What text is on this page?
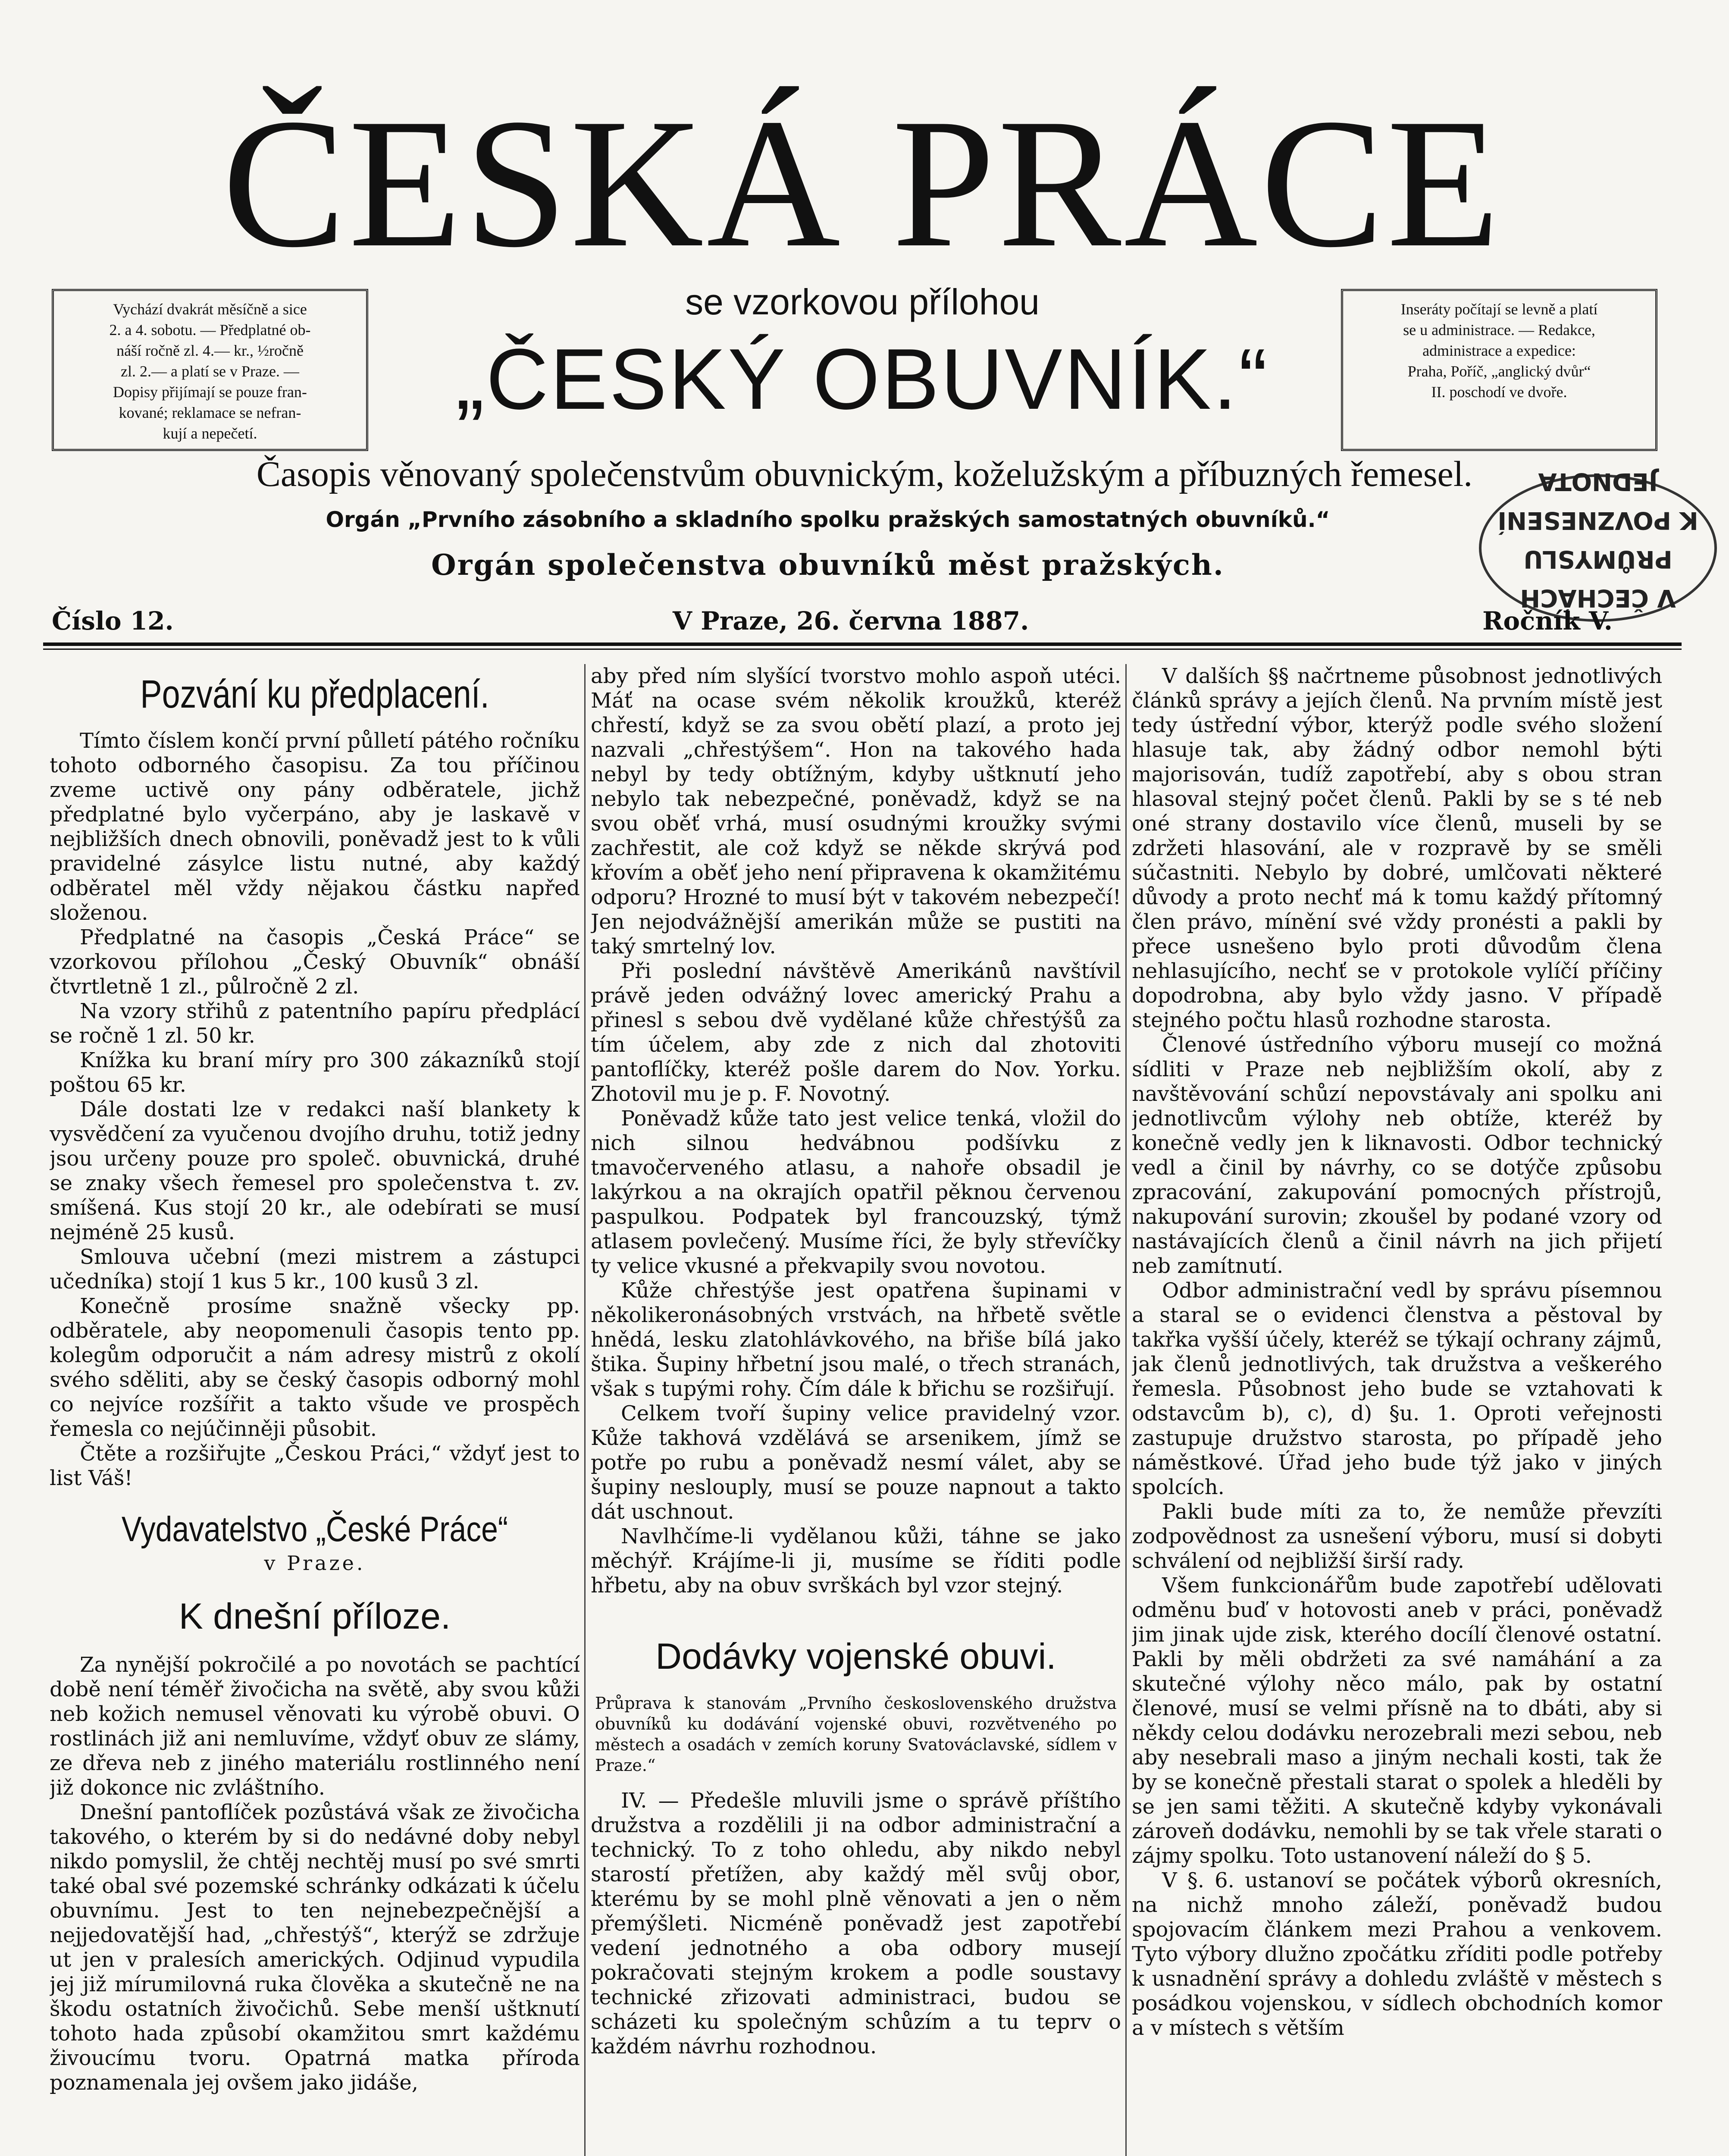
ČESKÁ PRÁCE

Vychází dvakrát měsíčně a sice

2. a 4. sobotu. — Předplatné ob-

náší ročně zl. 4.— kr., ½ročně

zl. 2.— a platí se v Praze. —

Dopisy přijímají se pouze fran-

kované; reklamace se nefran-

kují a nepečetí.

se vzorkovou přílohou
„ČESKÝ OBUVNÍK.“

Inseráty počítají se levně a platí

se u administrace. — Redakce,

administrace a expedice:

Praha, Poříč, „anglický dvůr“

II. poschodí ve dvoře.

Časopis věnovaný společenstvům obuvnickým, koželužským a příbuzných řemesel.
Orgán „Prvního zásobního a skladního spolku pražských samostatných obuvníků.“
Orgán společenstva obuvníků měst pražských.
V ČECHÁCH
PRŮMYSLU
K POVZNESENÍ
JEDNOTA
Číslo 12.	V Praze, 26. června 1887.	Ročník V.
Pozvání ku předplacení.

Tímto číslem končí první půlletí pátého ročníku tohoto odborného časopisu. Za tou příčinou zveme uctivě ony pány odběratele, jichž předplatné bylo vyčerpáno, aby je laskavě v nejbližších dnech obnovili, poněvadž jest to k vůli pravidelné zásylce listu nutné, aby každý odběratel měl vždy nějakou částku napřed složenou.

Předplatné na časopis „Česká Práce“ se vzorkovou přílohou „Český Obuvník“ obnáší čtvrtletně 1 zl., půlročně 2 zl.

Na vzory střihů z patentního papíru předplácí se ročně 1 zl. 50 kr.

Knížka ku braní míry pro 300 zákazníků stojí poštou 65 kr.

Dále dostati lze v redakci naší blankety k vysvědčení za vyučenou dvojího druhu, totiž jedny jsou určeny pouze pro společ. obuvnická, druhé se znaky všech řemesel pro společenstva t. zv. smíšená. Kus stojí 20 kr., ale odebírati se musí nejméně 25 kusů.

Smlouva učební (mezi mistrem a zástupci učedníka) stojí 1 kus 5 kr., 100 kusů 3 zl.

Konečně prosíme snažně všecky pp. odběratele, aby neopomenuli časopis tento pp. kolegům odporučit a nám adresy mistrů z okolí svého sděliti, aby se český časopis odborný mohl co nejvíce rozšířit a takto všude ve prospěch řemesla co nejúčinněji působit.

Čtěte a rozšiřujte „Českou Práci,“ vždyť jest to list Váš!

Vydavatelstvo „České Práce“
v Praze.
K dnešní příloze.

Za nynější pokročilé a po novotách se pachtící době není téměř živočicha na světě, aby svou kůži neb kožich nemusel věnovati ku výrobě obuvi. O rostlinách již ani nemluvíme, vždyť obuv ze slámy, ze dřeva neb z jiného materiálu rostlinného není již dokonce nic zvláštního.

Dnešní pantoflíček pozůstává však ze živočicha takového, o kterém by si do nedávné doby nebyl nikdo pomyslil, že chtěj nechtěj musí po své smrti také obal své pozemské schránky odkázati k účelu obuvnímu. Jest to ten nejnebezpečnější a nejjedovatější had, „chřestýš“, kterýž se zdržuje ut jen v pralesích amerických. Odjinud vypudila jej již mírumilovná ruka člověka a skutečně ne na škodu ostatních živočichů. Sebe menší uštknutí tohoto hada způsobí okamžitou smrt každému živoucímu tvoru. Opatrná matka příroda poznamenala jej ovšem jako jidáše,

aby před ním slyšící tvorstvo mohlo aspoň utéci. Máť na ocase svém několik kroužků, kteréž chřestí, když se za svou obětí plazí, a proto jej nazvali „chřestýšem“. Hon na takového hada nebyl by tedy obtížným, kdyby uštknutí jeho nebylo tak nebezpečné, poněvadž, když se na svou oběť vrhá, musí osudnými kroužky svými zachřestit, ale což když se někde skrývá pod křovím a oběť jeho není připravena k okamžitému odporu? Hrozné to musí být v takovém nebezpečí! Jen nejodvážnější amerikán může se pustiti na taký smrtelný lov.

Při poslední návštěvě Amerikánů navštívil právě jeden odvážný lovec americký Prahu a přinesl s sebou dvě vydělané kůže chřestýšů za tím účelem, aby zde z nich dal zhotoviti pantoflíčky, kteréž pošle darem do Nov. Yorku. Zhotovil mu je p. F. Novotný.

Poněvadž kůže tato jest velice tenká, vložil do nich silnou hedvábnou podšívku z tmavočerveného atlasu, a nahoře obsadil je lakýrkou a na okrajích opatřil pěknou červenou paspulkou. Podpatek byl francouzský, týmž atlasem povlečený. Musíme říci, že byly střevíčky ty velice vkusné a překvapily svou novotou.

Kůže chřestýše jest opatřena šupinami v několikeronásobných vrstvách, na hřbetě světle hnědá, lesku zlatohlávkového, na břiše bílá jako štika. Šupiny hřbetní jsou malé, o třech stranách, však s tupými rohy. Čím dále k břichu se rozšiřují.

Celkem tvoří šupiny velice pravidelný vzor. Kůže takhová vzdělává se arsenikem, jímž se potře po rubu a poněvadž nesmí válet, aby se šupiny neslouply, musí se pouze napnout a takto dát uschnout.

Navlhčíme-li vydělanou kůži, táhne se jako měchýř. Krájíme-li ji, musíme se říditi podle hřbetu, aby na obuv svrškách byl vzor stejný.

Dodávky vojenské obuvi.
Průprava k stanovám „Prvního československého družstva obuvníků ku dodávání vojenské obuvi, rozvětveného po městech a osadách v zemích koruny Svatováclavské, sídlem v Praze.“

IV. — Předešle mluvili jsme o správě příštího družstva a rozdělili ji na odbor administrační a technický. To z toho ohledu, aby nikdo nebyl starostí přetížen, aby každý měl svůj obor, kterému by se mohl plně věnovati a jen o něm přemýšleti. Nicméně poněvadž jest zapotřebí vedení jednotného a oba odbory musejí pokračovati stejným krokem a podle soustavy technické zřizovati administraci, budou se scházeti ku společným schůzím a tu teprv o každém návrhu rozhodnou.

V dalších §§ načrtneme působnost jednotlivých článků správy a jejích členů. Na prvním místě jest tedy ústřední výbor, kterýž podle svého složení hlasuje tak, aby žádný odbor nemohl býti majorisován, tudíž zapotřebí, aby s obou stran hlasoval stejný počet členů. Pakli by se s té neb oné strany dostavilo více členů, museli by se zdržeti hlasování, ale v rozpravě by se směli súčastniti. Nebylo by dobré, umlčovati některé důvody a proto nechť má k tomu každý přítomný člen právo, mínění své vždy pronésti a pakli by přece usnešeno bylo proti důvodům člena nehlasujícího, nechť se v protokole vylíčí příčiny dopodrobna, aby bylo vždy jasno. V případě stejného počtu hlasů rozhodne starosta.

Členové ústředního výboru musejí co možná sídliti v Praze neb nejbližším okolí, aby z navštěvování schůzí nepovstávaly ani spolku ani jednotlivcům výlohy neb obtíže, kteréž by konečně vedly jen k liknavosti. Odbor technický vedl a činil by návrhy, co se dotýče způsobu zpracování, zakupování pomocných přístrojů, nakupování surovin; zkoušel by podané vzory od nastávajících členů a činil návrh na jich přijetí neb zamítnutí.

Odbor administrační vedl by správu písemnou a staral se o evidenci členstva a pěstoval by takřka vyšší účely, kteréž se týkají ochrany zájmů, jak členů jednotlivých, tak družstva a veškerého řemesla. Působnost jeho bude se vztahovati k odstavcům b), c), d) §u. 1. Oproti veřejnosti zastupuje družstvo starosta, po případě jeho náměstkové. Úřad jeho bude týž jako v jiných spolcích.

Pakli bude míti za to, že nemůže převzíti zodpovědnost za usnešení výboru, musí si dobyti schválení od nejbližší širší rady.

Všem funkcionářům bude zapotřebí udělovati odměnu buď v hotovosti aneb v práci, poněvadž jim jinak ujde zisk, kterého docílí členové ostatní. Pakli by měli obdržeti za své namáhání a za skutečné výlohy něco málo, pak by ostatní členové, musí se velmi přísně na to dbáti, aby si někdy celou dodávku nerozebrali mezi sebou, neb aby nesebrali maso a jiným nechali kosti, tak že by se konečně přestali starat o spolek a hleděli by se jen sami těžiti. A skutečně kdyby vykonávali zároveň dodávku, nemohli by se tak vřele starati o zájmy spolku. Toto ustanovení náleží do § 5.

V §. 6. ustanoví se počátek výborů okresních, na nichž mnoho záleží, poněvadž budou spojovacím článkem mezi Prahou a venkovem. Tyto výbory dlužno zpočátku zříditi podle potřeby k usnadnění správy a dohledu zvláště v městech s posádkou vojenskou, v sídlech obchodních komor a v místech s větším
